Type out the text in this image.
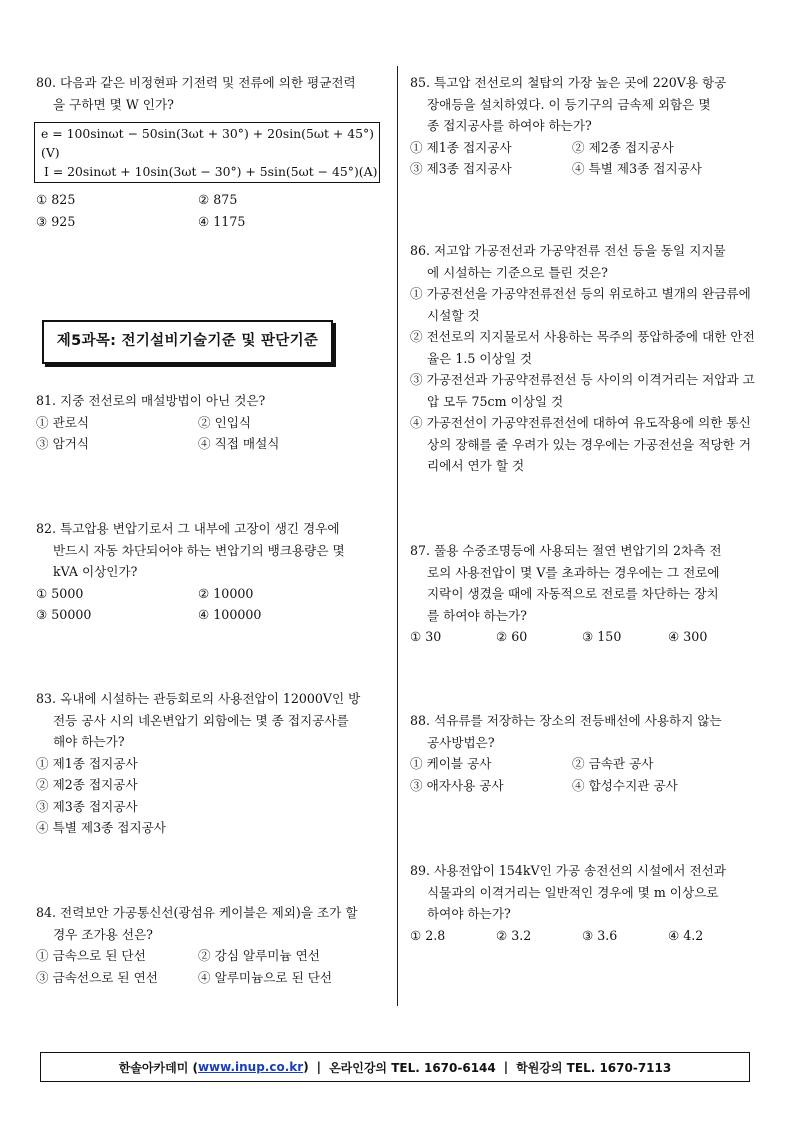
80. 다음과 같은 비정현파 기전력 및 전류에 의한 평균전력
을 구하면 몇 W 인가?
e = 100sinωt − 50sin(3ωt + 30°) + 20sin(5ωt + 45°)(V)
I = 20sinωt + 10sin(3ωt − 30°) + 5sin(5ωt − 45°)(A)
① 825	② 875
③ 925	④ 1175
제5과목: 전기설비기술기준 및 판단기준
81. 지중 전선로의 매설방법이 아닌 것은?
① 관로식	② 인입식
③ 암거식	④ 직접 매설식
82. 특고압용 변압기로서 그 내부에 고장이 생긴 경우에
반드시 자동 차단되어야 하는 변압기의 뱅크용량은 몇
kVA 이상인가?
① 5000	② 10000
③ 50000	④ 100000
83. 옥내에 시설하는 관등회로의 사용전압이 12000V인 방
전등 공사 시의 네온변압기 외함에는 몇 종 접지공사를
해야 하는가?
① 제1종 접지공사
② 제2종 접지공사
③ 제3종 접지공사
④ 특별 제3종 접지공사
84. 전력보안 가공통신선(광섬유 케이블은 제외)을 조가 할
경우 조가용 선은?
① 금속으로 된 단선	② 강심 알루미늄 연선
③ 금속선으로 된 연선	④ 알루미늄으로 된 단선
85. 특고압 전선로의 철탑의 가장 높은 곳에 220V용 항공
장애등을 설치하였다. 이 등기구의 금속제 외함은 몇
종 접지공사를 하여야 하는가?
① 제1종 접지공사	② 제2종 접지공사
③ 제3종 접지공사	④ 특별 제3종 접지공사
86. 저고압 가공전선과 가공약전류 전선 등을 동일 지지물
에 시설하는 기준으로 틀린 것은?
① 가공전선을 가공약전류전선 등의 위로하고 별개의 완금류에 시설할 것
② 전선로의 지지물로서 사용하는 목주의 풍압하중에 대한 안전율은 1.5 이상일 것
③ 가공전선과 가공약전류전선 등 사이의 이격거리는 저압과 고압 모두 75cm 이상일 것
④ 가공전선이 가공약전류전선에 대하여 유도작용에 의한 통신상의 장해를 줄 우려가 있는 경우에는 가공전선을 적당한 거리에서 연가 할 것
87. 풀용 수중조명등에 사용되는 절연 변압기의 2차측 전
로의 사용전압이 몇 V를 초과하는 경우에는 그 전로에
지락이 생겼을 때에 자동적으로 전로를 차단하는 장치
를 하여야 하는가?
① 30	② 60	③ 150	④ 300
88. 석유류를 저장하는 장소의 전등배선에 사용하지 않는
공사방법은?
① 케이블 공사	② 금속관 공사
③ 애자사용 공사	④ 합성수지관 공사
89. 사용전압이 154kV인 가공 송전선의 시설에서 전선과
식물과의 이격거리는 일반적인 경우에 몇 m 이상으로
하여야 하는가?
① 2.8	② 3.2	③ 3.6	④ 4.2
한솔아카데미 ( www.inup.co.kr ) | 온라인강의 TEL. 1670-6144 | 학원강의 TEL. 1670-7113
